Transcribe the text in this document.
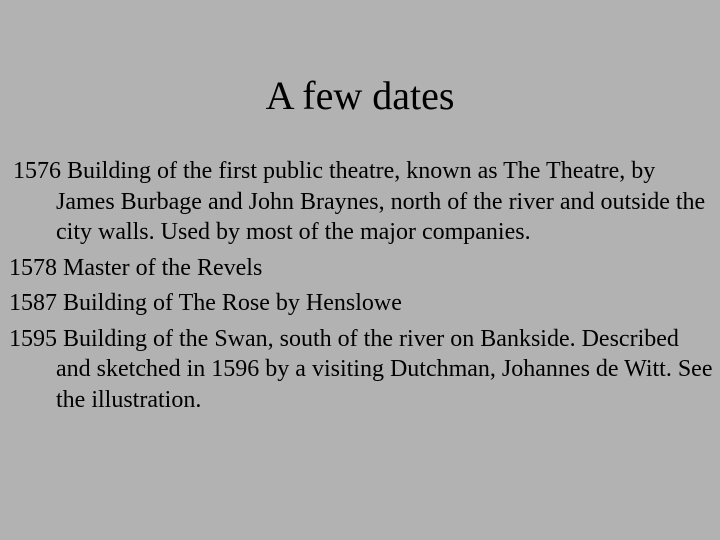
A few dates
1576 Building of the first public theatre, known as The Theatre, by James Burbage and John Braynes, north of the river and outside the city walls. Used by most of the major companies.
1578 Master of the Revels
1587 Building of The Rose by Henslowe
1595 Building of the Swan, south of the river on Bankside. Described and sketched in 1596 by a visiting Dutchman, Johannes de Witt. See the illustration.
